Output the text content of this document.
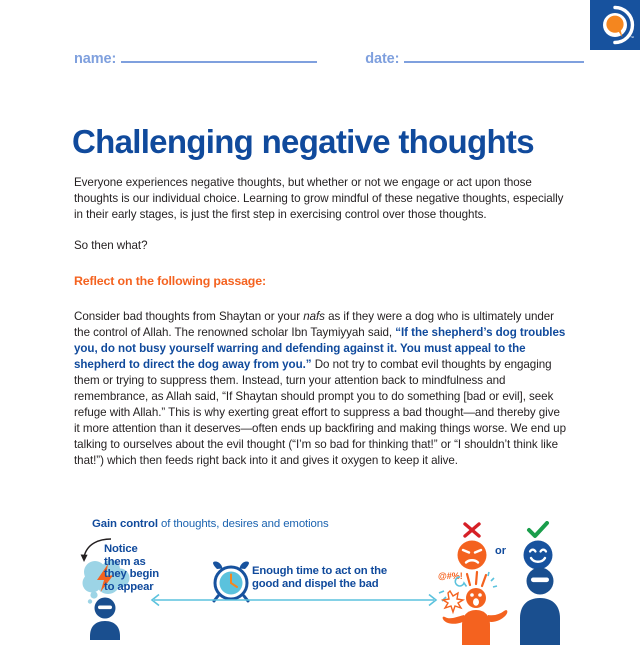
™
name:	date:
Challenging negative thoughts

Everyone experiences negative thoughts, but whether or not we engage or act upon those thoughts is our individual choice. Learning to grow mindful of these negative thoughts, especially in their early stages, is just the first step in exercising control over those thoughts.

So then what?

Reflect on the following passage:

Consider bad thoughts from Shaytan or your nafs as if they were a dog who is ultimately under the control of Allah. The renowned scholar Ibn Taymiyyah said, “If the shepherd’s dog troubles you, do not busy yourself warring and defending against it. You must appeal to the shepherd to direct the dog away from you.” Do not try to combat evil thoughts by engaging them or trying to suppress them. Instead, turn your attention back to mindfulness and remembrance, as Allah said, “If Shaytan should prompt you to do something [bad or evil], seek refuge with Allah.” This is why exerting great effort to suppress a bad thought—and thereby give it more attention than it deserves—often ends up backfiring and making things worse. We end up talking to ourselves about the evil thought (“I’m so bad for thinking that!” or “I shouldn’t think like that!”) which then feeds right back into it and gives it oxygen to keep it alive.

Gain control of thoughts, desires and emotions
Notice
them as
they begin
to appear
Enough time to act on the
good and dispel the bad
or
@#%!
